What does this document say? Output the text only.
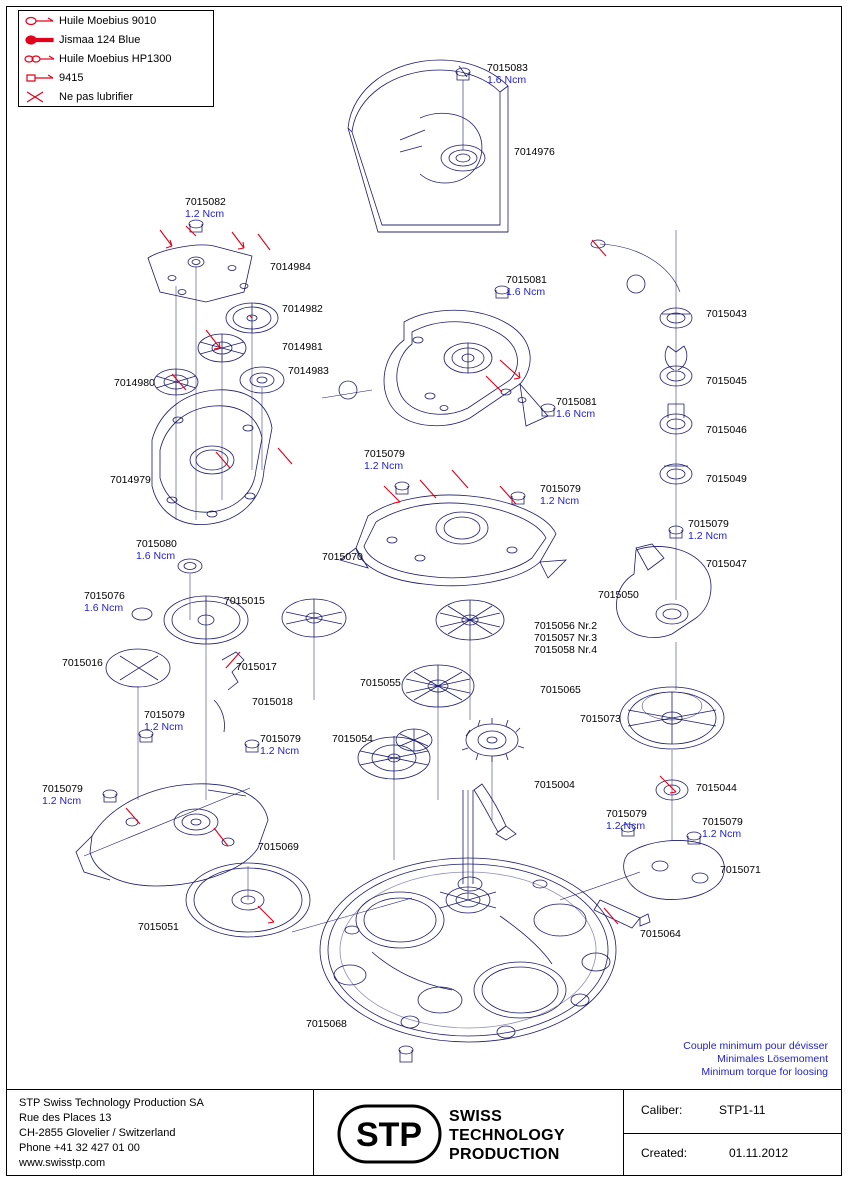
Huile Moebius 9010
Jismaa 124 Blue
Huile Moebius HP1300
9415
Ne pas lubrifier
7015083
1.6 Ncm
7014976
7015082
1.2 Ncm
7014984
7015081
1.6 Ncm
7014982	7015043
7014981
7014983
7015045
7014980
7015081
1.6 Ncm
7015046
7015079
1.2 Ncm
7014979	7015049
7015079
1.2 Ncm
7015079
1.2 Ncm
7015070
7015080
1.6 Ncm
7015047
7015050
7015076
1.6 Ncm
7015015
7015056 Nr.2
7015057 Nr.3
7015058 Nr.4
7015016	7015017
7015065
7015055
7015018
7015073
7015079
1.2 Ncm
7015054
7015079
1.2 Ncm
7015004	7015044
7015079
1.2 Ncm
7015079
1.2 Ncm	7015079
1.2 Ncm
7015069
7015071
7015064
7015051
7015068
Couple minimum pour dévisser
Minimales Lösemoment
Minimum torque for loosing
STP Swiss Technology Production SA
Rue des Places 13
CH-2855 Glovelier / Switzerland
Phone +41 32 427 01 00
www.swisstp.com
STP SWISS
TECHNOLOGY
PRODUCTION
Caliber:	STP1-11
Created:	01.11.2012
